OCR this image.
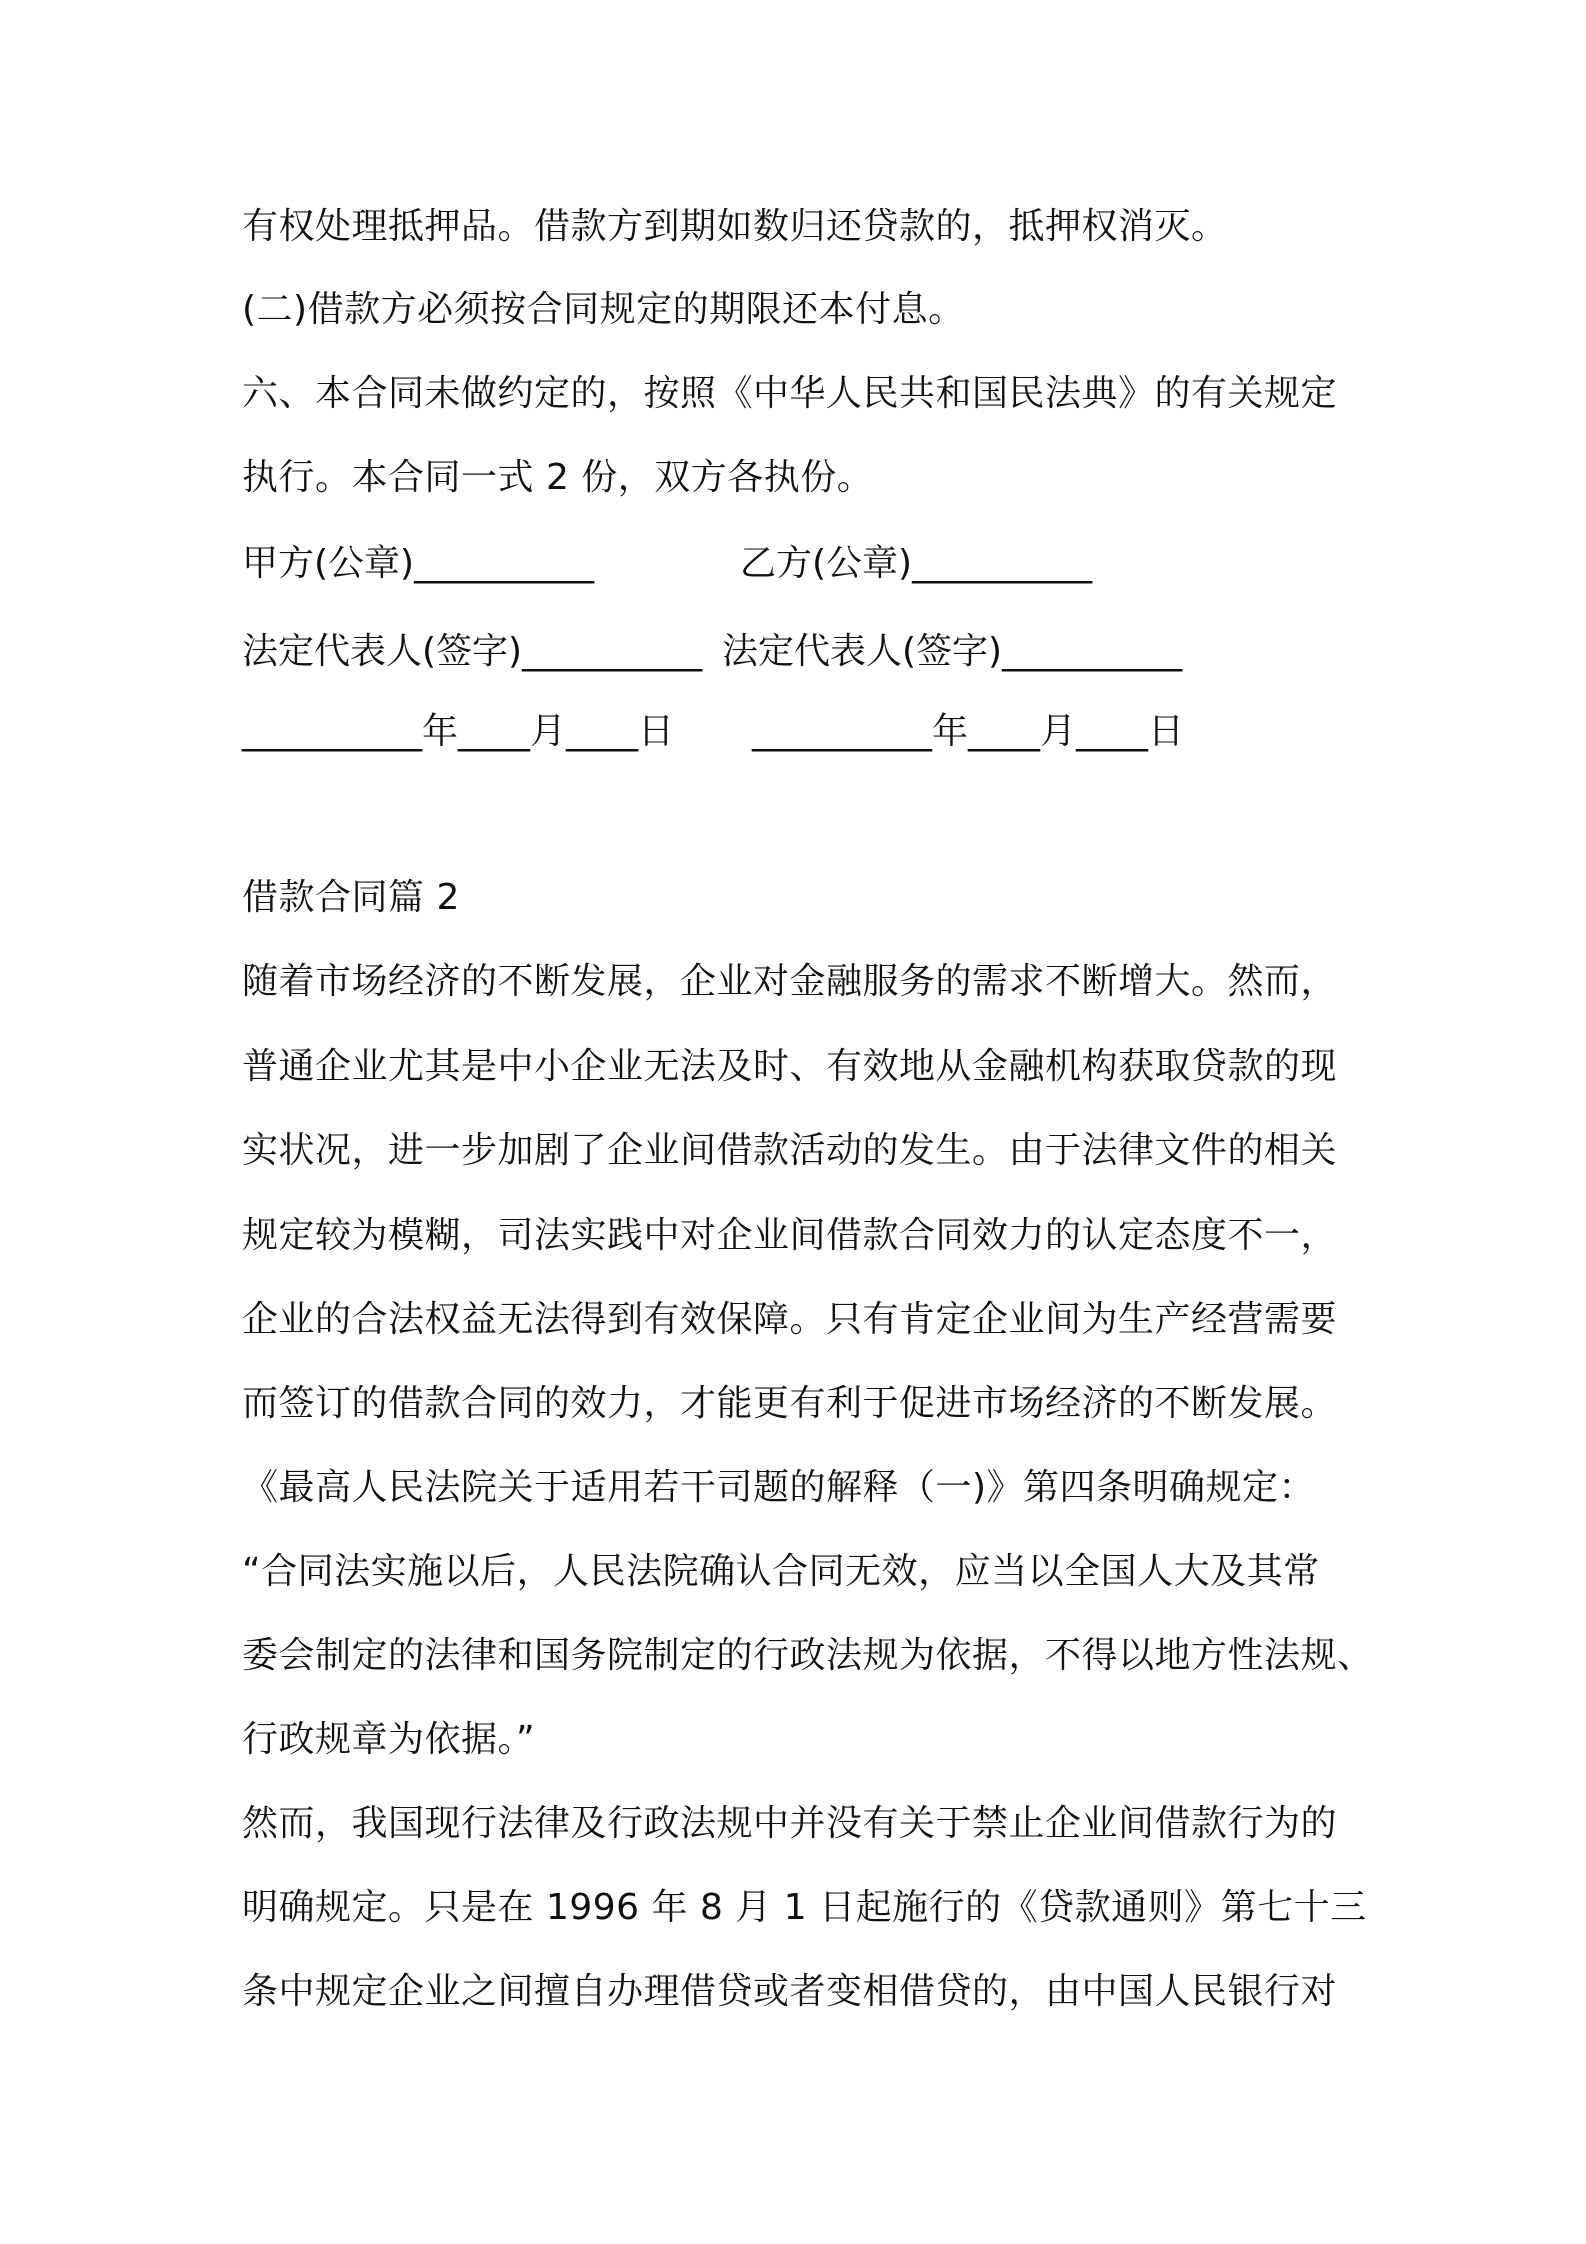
有权处理抵押品。借款方到期如数归还贷款的，抵押权消灭。
(二)借款方必须按合同规定的期限还本付息。
六、本合同未做约定的，按照《中华人民共和国民法典》的有关规定
执行。本合同一式 2 份，双方各执份。
甲方(公章)__________	乙方(公章)__________
法定代表人(签字)__________ 法定代表人(签字)__________
__________年____月____日 __________年____月____日
借款合同篇 2
随着市场经济的不断发展，企业对金融服务的需求不断增大。然而，
普通企业尤其是中小企业无法及时、有效地从金融机构获取贷款的现
实状况，进一步加剧了企业间借款活动的发生。由于法律文件的相关
规定较为模糊，司法实践中对企业间借款合同效力的认定态度不一，
企业的合法权益无法得到有效保障。只有肯定企业间为生产经营需要
而签订的借款合同的效力，才能更有利于促进市场经济的不断发展。
《最高人民法院关于适用若干司题的解释（一)》第四条明确规定：
“合同法实施以后，人民法院确认合同无效，应当以全国人大及其常
委会制定的法律和国务院制定的行政法规为依据，不得以地方性法规、
行政规章为依据。”
然而，我国现行法律及行政法规中并没有关于禁止企业间借款行为的
明确规定。只是在 1996 年 8 月 1 日起施行的《贷款通则》第七十三
条中规定企业之间擅自办理借贷或者变相借贷的，由中国人民银行对
